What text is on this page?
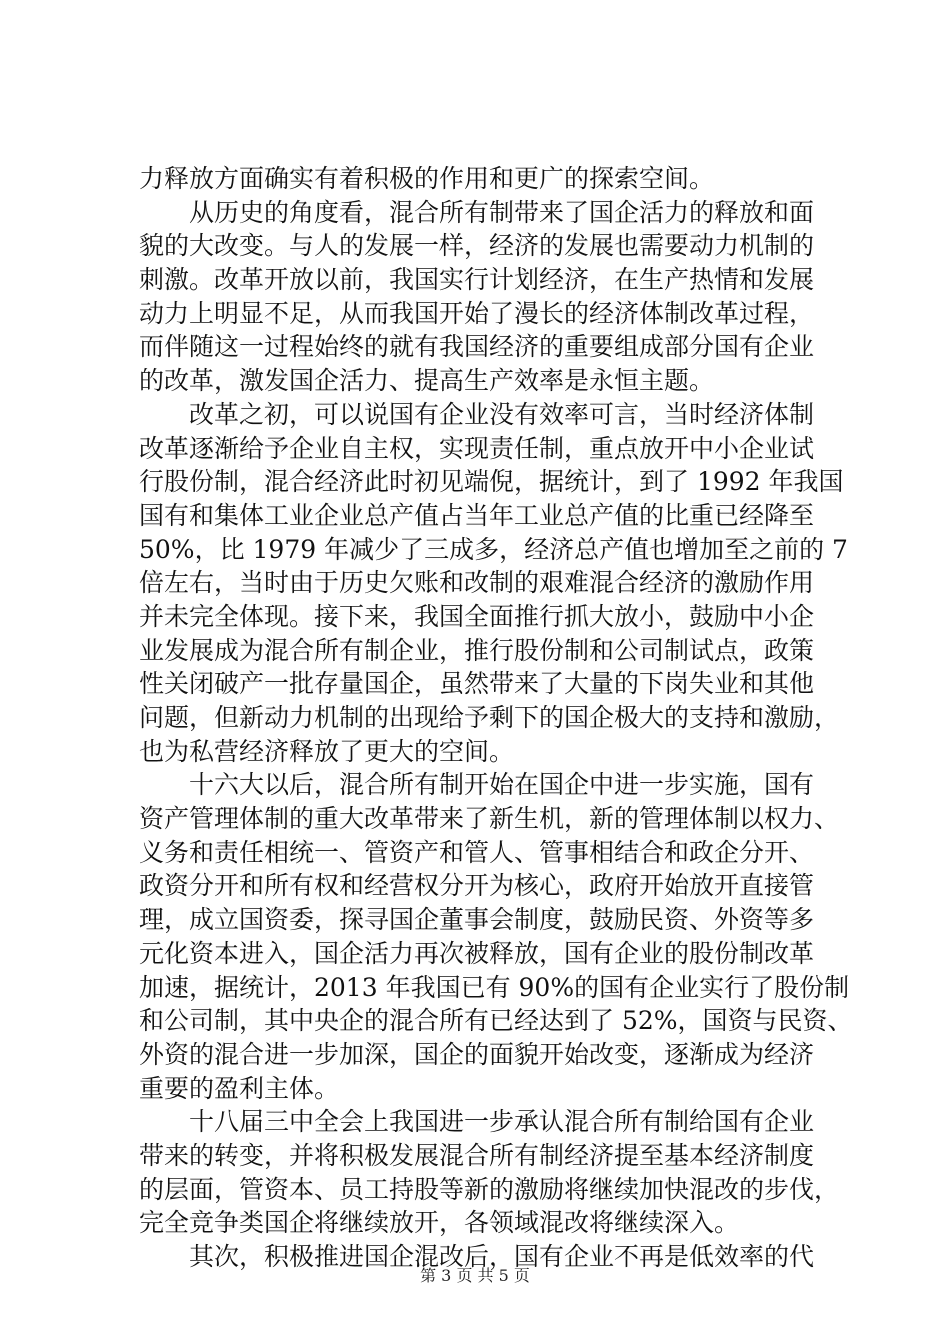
力释放方面确实有着积极的作用和更广的探索空间。
从历史的角度看，混合所有制带来了国企活力的释放和面
貌的大改变。与人的发展一样，经济的发展也需要动力机制的
刺激。改革开放以前，我国实行计划经济，在生产热情和发展
动力上明显不足，从而我国开始了漫长的经济体制改革过程，
而伴随这一过程始终的就有我国经济的重要组成部分国有企业
的改革，激发国企活力、提高生产效率是永恒主题。
改革之初，可以说国有企业没有效率可言，当时经济体制
改革逐渐给予企业自主权，实现责任制，重点放开中小企业试
行股份制，混合经济此时初见端倪，据统计，到了 1992 年我国
国有和集体工业企业总产值占当年工业总产值的比重已经降至
50%，比 1979 年减少了三成多，经济总产值也增加至之前的 7
倍左右，当时由于历史欠账和改制的艰难混合经济的激励作用
并未完全体现。接下来，我国全面推行抓大放小，鼓励中小企
业发展成为混合所有制企业，推行股份制和公司制试点，政策
性关闭破产一批存量国企，虽然带来了大量的下岗失业和其他
问题，但新动力机制的出现给予剩下的国企极大的支持和激励，
也为私营经济释放了更大的空间。
十六大以后，混合所有制开始在国企中进一步实施，国有
资产管理体制的重大改革带来了新生机，新的管理体制以权力、
义务和责任相统一、管资产和管人、管事相结合和政企分开、
政资分开和所有权和经营权分开为核心，政府开始放开直接管
理，成立国资委，探寻国企董事会制度，鼓励民资、外资等多
元化资本进入，国企活力再次被释放，国有企业的股份制改革
加速，据统计，2013 年我国已有 90%的国有企业实行了股份制
和公司制，其中央企的混合所有已经达到了 52%，国资与民资、
外资的混合进一步加深，国企的面貌开始改变，逐渐成为经济
重要的盈利主体。
十八届三中全会上我国进一步承认混合所有制给国有企业
带来的转变，并将积极发展混合所有制经济提至基本经济制度
的层面，管资本、员工持股等新的激励将继续加快混改的步伐，
完全竞争类国企将继续放开，各领域混改将继续深入。
其次，积极推进国企混改后，国有企业不再是低效率的代
第 3 页 共 5 页
